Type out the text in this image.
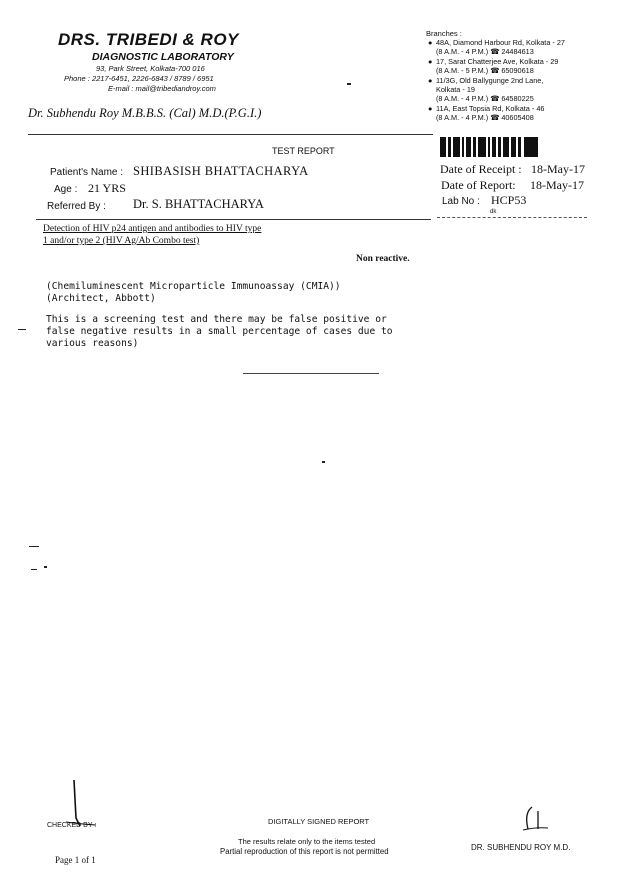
DRS. TRIBEDI & ROY
DIAGNOSTIC LABORATORY
93, Park Street, Kolkata-700 016
Phone : 2217-6451, 2226-6843 / 8789 / 6951
E-mail : mail@tribediandroy.com
Dr. Subhendu Roy M.B.B.S. (Cal) M.D.(P.G.I.)
Branches :
● 48A, Diamond Harbour Rd, Kolkata - 27
(8 A.M. - 4 P.M.) ☎ 24484613
● 17, Sarat Chatterjee Ave, Kolkata - 29
(8 A.M. - 5 P.M.) ☎ 65090618
● 11/3G, Old Ballygunge 2nd Lane,
Kolkata - 19
(8 A.M. - 4 P.M.) ☎ 64580225
● 11A, East Topsia Rd, Kolkata - 46
(8 A.M. - 4 P.M.) ☎ 40605408
TEST REPORT
Patient's Name : SHIBASISH BHATTACHARYA
Age : 21 YRS
Referred By : Dr. S. BHATTACHARYA
Date of Receipt : 18-May-17
Date of Report: 18-May-17
Lab No : HCP53
dk
Detection of HIV p24 antigen and antibodies to HIV type
1 and/or type 2 (HIV Ag/Ab Combo test)
Non reactive.
(Chemiluminescent Microparticle Immunoassay (CMIA))
(Architect, Abbott)
This is a screening test and there may be false positive or
false negative results in a small percentage of cases due to
various reasons)
CHECKED BY :	DIGITALLY SIGNED REPORT
The results relate only to the items tested
Partial reproduction of this report is not permitted
Page 1 of 1
DR. SUBHENDU ROY M.D.
